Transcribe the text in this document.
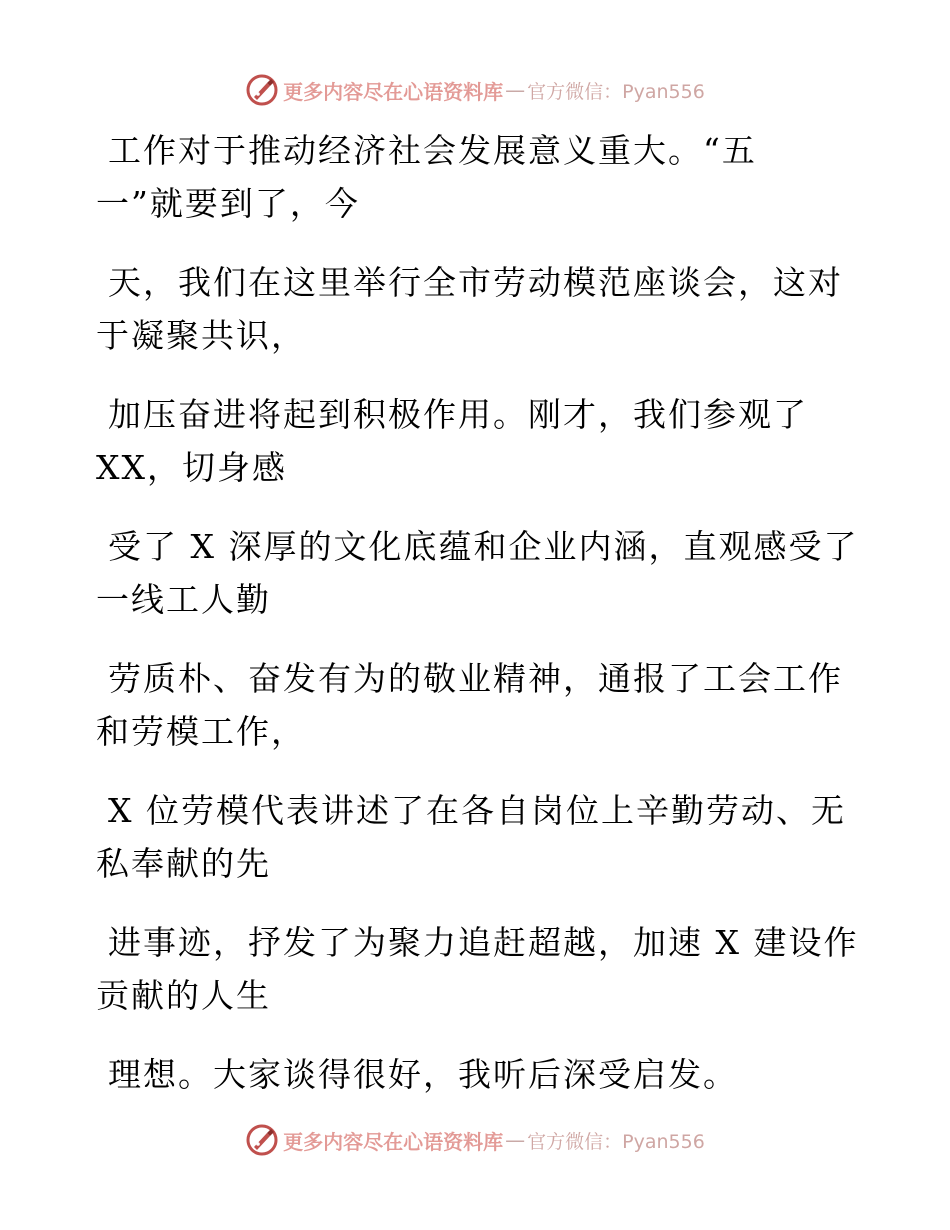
更多内容尽在心语资料库 — 官方微信：Pyan556

工作对于推动经济社会发展意义重大。“五
一”就要到了，今

天，我们在这里举行全市劳动模范座谈会，这对
于凝聚共识，

加压奋进将起到积极作用。刚才，我们参观了
XX，切身感

受了 X 深厚的文化底蕴和企业内涵，直观感受了
一线工人勤

劳质朴、奋发有为的敬业精神，通报了工会工作
和劳模工作，

X 位劳模代表讲述了在各自岗位上辛勤劳动、无
私奉献的先

进事迹，抒发了为聚力追赶超越，加速 X 建设作
贡献的人生

理想。大家谈得很好，我听后深受启发。

更多内容尽在心语资料库 — 官方微信：Pyan556
